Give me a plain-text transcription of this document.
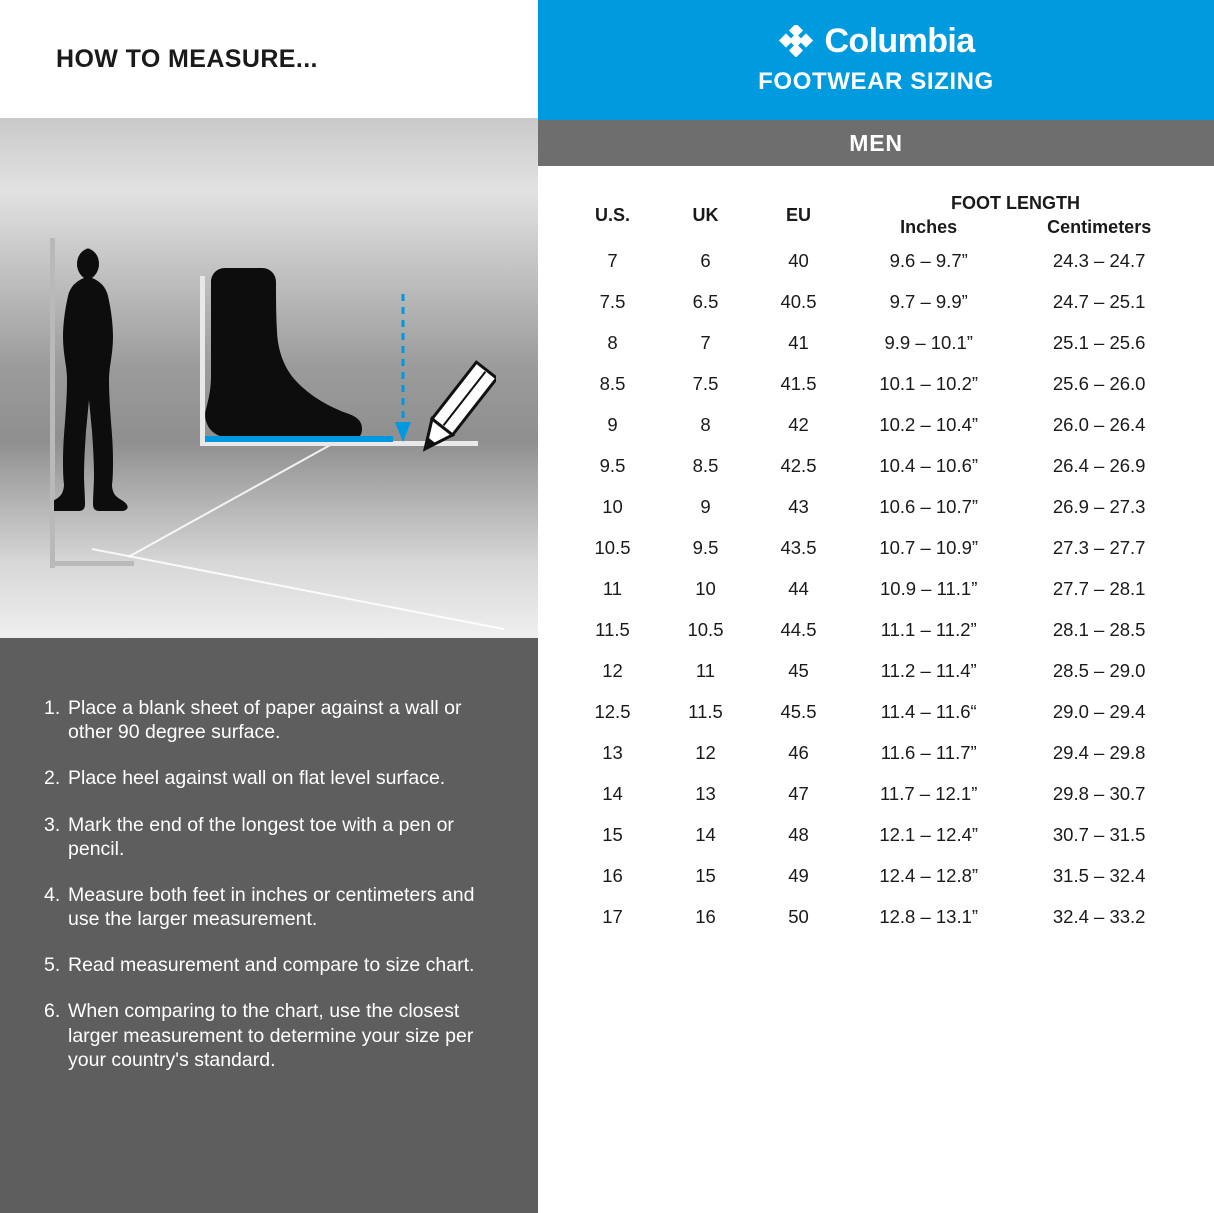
HOW TO MEASURE...
1. Place a blank sheet of paper against a wall or other 90 degree surface.
2. Place heel against wall on flat level surface.
3. Mark the end of the longest toe with a pen or pencil.
4. Measure both feet in inches or centimeters and use the larger measurement.
5. Read measurement and compare to size chart.
6. When comparing to the chart, use the closest larger measurement to determine your size per your country's standard.
Columbia
FOOTWEAR SIZING
MEN
U.S.	UK	EU	FOOT LENGTH	
			Inches	Centimeters
7	6	40	9.6 – 9.7”	24.3 – 24.7
7.5	6.5	40.5	9.7 – 9.9”	24.7 – 25.1
8	7	41	9.9 – 10.1”	25.1 – 25.6
8.5	7.5	41.5	10.1 – 10.2”	25.6 – 26.0
9	8	42	10.2 – 10.4”	26.0 – 26.4
9.5	8.5	42.5	10.4 – 10.6”	26.4 – 26.9
10	9	43	10.6 – 10.7”	26.9 – 27.3
10.5	9.5	43.5	10.7 – 10.9”	27.3 – 27.7
11	10	44	10.9 – 11.1”	27.7 – 28.1
11.5	10.5	44.5	11.1 – 11.2”	28.1 – 28.5
12	11	45	11.2 – 11.4”	28.5 – 29.0
12.5	11.5	45.5	11.4 – 11.6“	29.0 – 29.4
13	12	46	11.6 – 11.7”	29.4 – 29.8
14	13	47	11.7 – 12.1”	29.8 – 30.7
15	14	48	12.1 – 12.4”	30.7 – 31.5
16	15	49	12.4 – 12.8”	31.5 – 32.4
17	16	50	12.8 – 13.1”	32.4 – 33.2
